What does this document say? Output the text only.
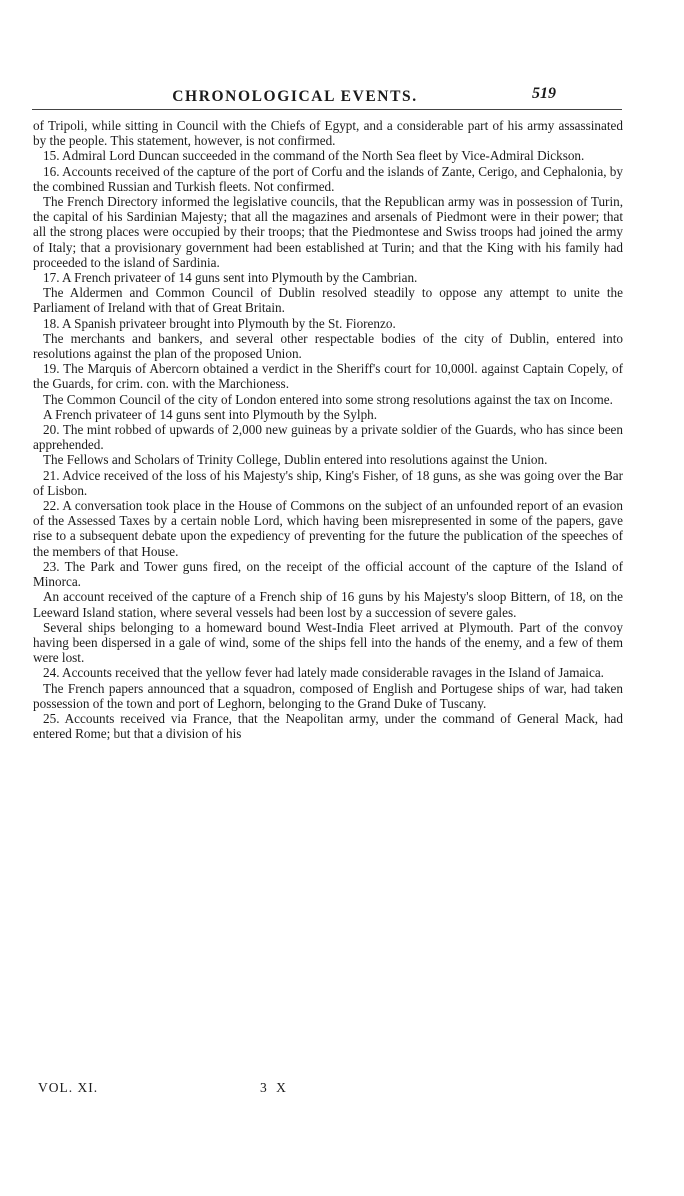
CHRONOLOGICAL EVENTS.	519

of Tripoli, while sitting in Council with the Chiefs of Egypt, and a considerable part of his army assassinated by the people. This statement, however, is not confirmed.

15. Admiral Lord Duncan succeeded in the command of the North Sea fleet by Vice-Admiral Dickson.

16. Accounts received of the capture of the port of Corfu and the islands of Zante, Cerigo, and Cephalonia, by the combined Russian and Turkish fleets. Not confirmed.

The French Directory informed the legislative councils, that the Republican army was in possession of Turin, the capital of his Sardinian Majesty; that all the magazines and arsenals of Piedmont were in their power; that all the strong places were occupied by their troops; that the Piedmontese and Swiss troops had joined the army of Italy; that a provisionary government had been established at Turin; and that the King with his family had proceeded to the island of Sardinia.

17. A French privateer of 14 guns sent into Plymouth by the Cambrian.

The Aldermen and Common Council of Dublin resolved steadily to oppose any attempt to unite the Parliament of Ireland with that of Great Britain.

18. A Spanish privateer brought into Plymouth by the St. Fiorenzo.

The merchants and bankers, and several other respectable bodies of the city of Dublin, entered into resolutions against the plan of the proposed Union.

19. The Marquis of Abercorn obtained a verdict in the Sheriff's court for 10,000l. against Captain Copely, of the Guards, for crim. con. with the Marchioness.

The Common Council of the city of London entered into some strong resolutions against the tax on Income.

A French privateer of 14 guns sent into Plymouth by the Sylph.

20. The mint robbed of upwards of 2,000 new guineas by a private soldier of the Guards, who has since been apprehended.

The Fellows and Scholars of Trinity College, Dublin entered into resolutions against the Union.

21. Advice received of the loss of his Majesty's ship, King's Fisher, of 18 guns, as she was going over the Bar of Lisbon.

22. A conversation took place in the House of Commons on the subject of an unfounded report of an evasion of the Assessed Taxes by a certain noble Lord, which having been misrepresented in some of the papers, gave rise to a subsequent debate upon the expediency of preventing for the future the publication of the speeches of the members of that House.

23. The Park and Tower guns fired, on the receipt of the official account of the capture of the Island of Minorca.

An account received of the capture of a French ship of 16 guns by his Majesty's sloop Bittern, of 18, on the Leeward Island station, where several vessels had been lost by a succession of severe gales.

Several ships belonging to a homeward bound West-India Fleet arrived at Plymouth. Part of the convoy having been dispersed in a gale of wind, some of the ships fell into the hands of the enemy, and a few of them were lost.

24. Accounts received that the yellow fever had lately made considerable ravages in the Island of Jamaica.

The French papers announced that a squadron, composed of English and Portugese ships of war, had taken possession of the town and port of Leghorn, belonging to the Grand Duke of Tuscany.

25. Accounts received via France, that the Neapolitan army, under the command of General Mack, had entered Rome; but that a division of his

VOL. XI.	3 X
